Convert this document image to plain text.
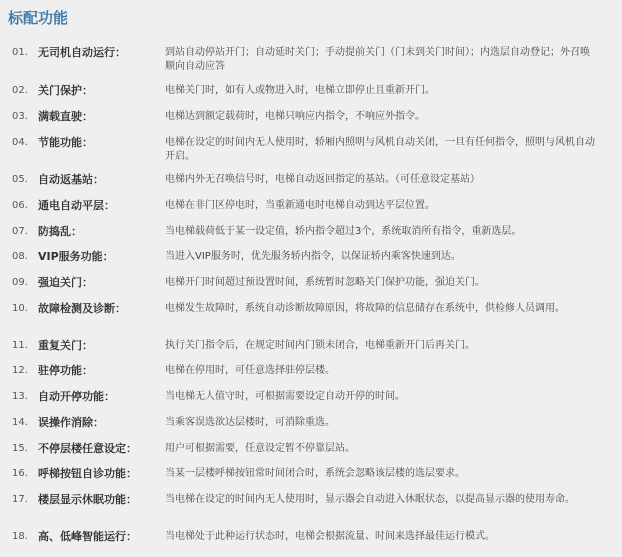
标配功能
01. 无司机自动运行：	到站自动停站开门；自动延时关门；手动提前关门（门未到关门时间）；内选层自动登记；外召唤顺向自动应答
02. 关门保护：	电梯关门时，如有人或物进入时，电梯立即停止且重新开门。
03. 满载直驶：	电梯达到额定载荷时，电梯只响应内指令，不响应外指令。
04. 节能功能：	电梯在设定的时间内无人使用时，轿厢内照明与风机自动关闭，一旦有任何指令，照明与风机自动开启。
05. 自动返基站：	电梯内外无召唤信号时，电梯自动返回指定的基站。（可任意设定基站）
06. 通电自动平层：	电梯在非门区停电时，当重新通电时电梯自动到达平层位置。
07. 防捣乱：	当电梯载荷低于某一设定值，轿内指令超过3个，系统取消所有指令，重新选层。
08. VIP服务功能：	当进入VIP服务时，优先服务轿内指令，以保证轿内乘客快速到达。
09. 强迫关门：	电梯开门时间超过预设置时间，系统暂时忽略关门保护功能，强迫关门。
10. 故障检测及诊断：	电梯发生故障时，系统自动诊断故障原因，将故障的信息储存在系统中，供检修人员调用。
11. 重复关门：	执行关门指令后，在规定时间内门锁未闭合，电梯重新开门后再关门。
12. 驻停功能：	电梯在停用时，可任意选择驻停层楼。
13. 自动开停功能：	当电梯无人值守时，可根据需要设定自动开停的时间。
14. 误操作消除：	当乘客误选欲达层楼时，可消除重选。
15. 不停层楼任意设定：	用户可根据需要，任意设定暂不停靠层站。
16. 呼梯按钮自诊功能：	当某一层楼呼梯按钮常时间闭合时，系统会忽略该层楼的选层要求。
17. 楼层显示休眠功能：	当电梯在设定的时间内无人使用时，显示器会自动进入休眠状态，以提高显示器的使用寿命。
18. 高、低峰智能运行：	当电梯处于此种运行状态时，电梯会根据流量、时间来选择最佳运行模式。
